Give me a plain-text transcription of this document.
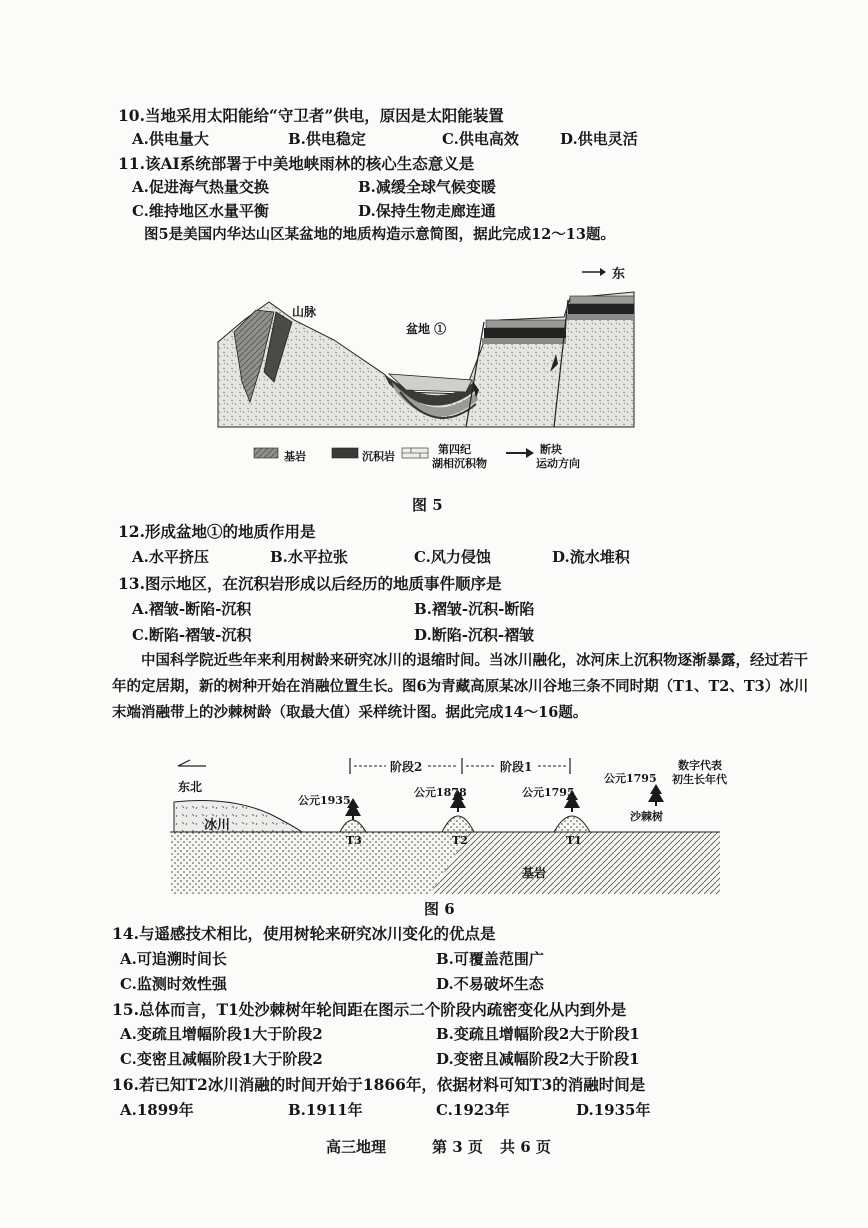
10.当地采用太阳能给“守卫者”供电，原因是太阳能装置
A.供电量大	B.供电稳定	C.供电高效	D.供电灵活
11.该AI系统部署于中美地峡雨林的核心生态意义是
A.促进海气热量交换	B.减缓全球气候变暖
C.维持地区水量平衡	D.保持生物走廊连通
图5是美国内华达山区某盆地的地质构造示意简图，据此完成12～13题。
东
山脉
盆地 ①
基岩	沉积岩
第四纪
湖相沉积物
断块
运动方向
图 5
12.形成盆地①的地质作用是
A.水平挤压	B.水平拉张	C.风力侵蚀	D.流水堆积
13.图示地区，在沉积岩形成以后经历的地质事件顺序是
A.褶皱-断陷-沉积	B.褶皱-沉积-断陷
C.断陷-褶皱-沉积	D.断陷-沉积-褶皱
中国科学院近些年来利用树龄来研究冰川的退缩时间。当冰川融化，冰河床上沉积物逐渐暴露，经过若干年的定居期，新的树种开始在消融位置生长。图6为青藏高原某冰川谷地三条不同时期（T1、T2、T3）冰川末端消融带上的沙棘树龄（取最大值）采样统计图。据此完成14～16题。
东北
阶段2	阶段1
公元1935
公元1878	公元1795
公元1795
数字代表
初生长年代
沙棘树
冰川
T3	T2	T1
基岩
图 6
14.与遥感技术相比，使用树轮来研究冰川变化的优点是
A.可追溯时间长	B.可覆盖范围广
C.监测时效性强	D.不易破坏生态
15.总体而言，T1处沙棘树年轮间距在图示二个阶段内疏密变化从内到外是
A.变疏且增幅阶段1大于阶段2	B.变疏且增幅阶段2大于阶段1
C.变密且减幅阶段1大于阶段2	D.变密且减幅阶段2大于阶段1
16.若已知T2冰川消融的时间开始于1866年，依据材料可知T3的消融时间是
A.1899年	B.1911年	C.1923年	D.1935年
高三地理	第 3 页 共 6 页
